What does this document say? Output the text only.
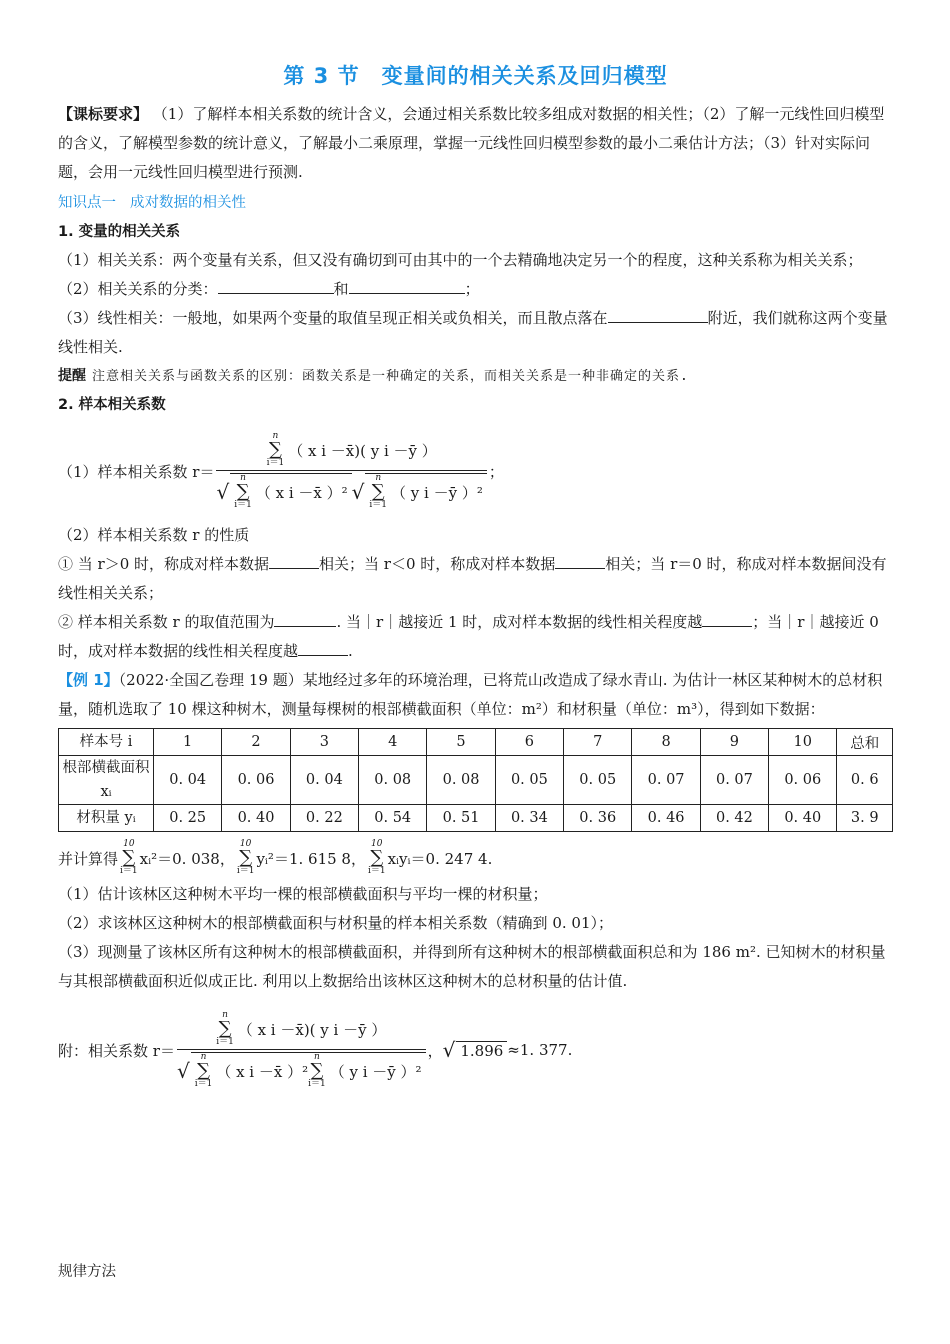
第 3 节 变量间的相关关系及回归模型

【课标要求】 （1）了解样本相关系数的统计含义，会通过相关系数比较多组成对数据的相关性；（2）了解一元线性回归模型的含义，了解模型参数的统计意义，了解最小二乘原理，掌握一元线性回归模型参数的最小二乘估计方法；（3）针对实际问题，会用一元线性回归模型进行预测.

知识点一 成对数据的相关性
1. 变量的相关关系

（1）相关关系：两个变量有关系，但又没有确切到可由其中的一个去精确地决定另一个的程度，这种关系称为相关关系；

（2）相关关系的分类：	和	；

（3）线性相关：一般地，如果两个变量的取值呈现正相关或负相关，而且散点落在	附近，我们就称这两个变量线性相关.

提醒 注意相关关系与函数关系的区别：函数关系是一种确定的关系，而相关关系是一种非确定的关系.

2. 样本相关系数
（1）样本相关系数 r＝
n
∑
i＝1
（ x i －x̄)( y i －ȳ ）
√
n
∑
i＝1
（ x i －x̄ ）² √
n
∑
i＝1
（ y i －ȳ ）²
；

（2）样本相关系数 r 的性质

① 当 r＞0 时，称成对样本数据	相关；当 r＜0 时，称成对样本数据	相关；当 r＝0 时，称成对样本数据间没有线性相关关系；

② 样本相关系数 r 的取值范围为	. 当｜r｜越接近 1 时，成对样本数据的线性相关程度越	；当｜r｜越接近 0 时，成对样本数据的线性相关程度越	.

【例 1】（2022·全国乙卷理 19 题）某地经过多年的环境治理，已将荒山改造成了绿水青山. 为估计一林区某种树木的总材积量，随机选取了 10 棵这种树木，测量每棵树的根部横截面积（单位：m²）和材积量（单位：m³），得到如下数据：

样本号 i	1	2	3	4	5	6	7	8	9	10	总和
根部横截面积 xᵢ	0. 04	0. 06	0. 04	0. 08	0. 08	0. 05	0. 05	0. 07	0. 07	0. 06	0. 6
材积量 yᵢ	0. 25	0. 40	0. 22	0. 54	0. 51	0. 34	0. 36	0. 46	0. 42	0. 40	3. 9
并计算得
10
∑
i＝1
xᵢ²＝0. 038，
10
∑
i＝1
yᵢ²＝1. 615 8，
10
∑
i＝1
xᵢyᵢ＝0. 247 4.

（1）估计该林区这种树木平均一棵的根部横截面积与平均一棵的材积量；

（2）求该林区这种树木的根部横截面积与材积量的样本相关系数（精确到 0. 01）；

（3）现测量了该林区所有这种树木的根部横截面积，并得到所有这种树木的根部横截面积总和为 186 m². 已知树木的材积量与其根部横截面积近似成正比. 利用以上数据给出该林区这种树木的总材积量的估计值.

附：相关系数 r＝
n
∑
i＝1
（ x i －x̄)( y i －ȳ ）
√
n
∑
i＝1
（ x i －x̄ ）²
n
∑
i＝1
（ y i －ȳ ）²
， √ 1.896 ≈1. 377.
规律方法
